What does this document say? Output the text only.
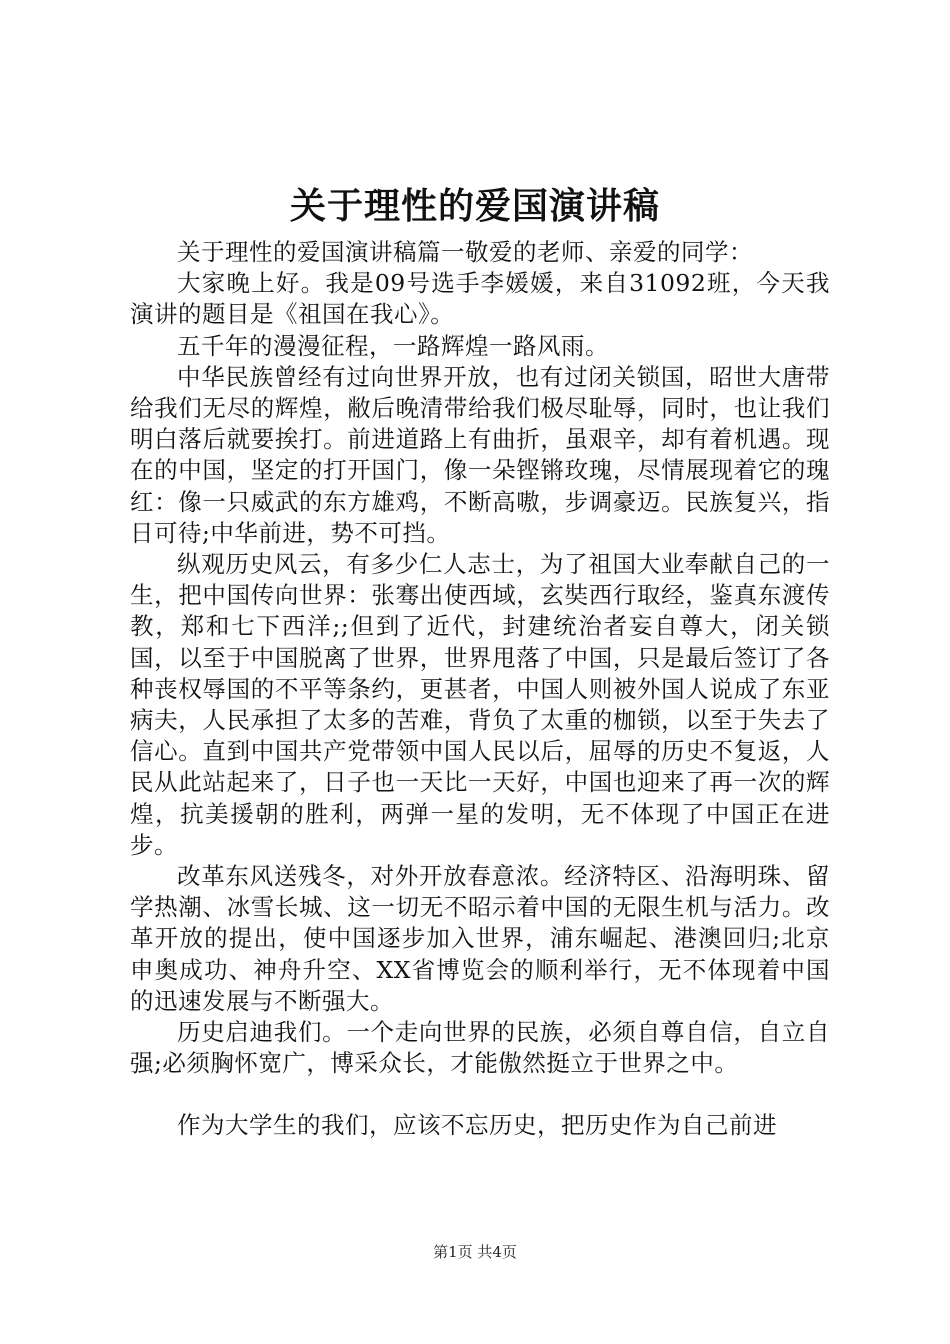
关于理性的爱国演讲稿

关于理性的爱国演讲稿篇一敬爱的老师、亲爱的同学：

大家晚上好。我是09号选手李媛媛，来自31092班，今天我演讲的题目是《祖国在我心》。

五千年的漫漫征程，一路辉煌一路风雨。

中华民族曾经有过向世界开放，也有过闭关锁国，昭世大唐带给我们无尽的辉煌，敝后晚清带给我们极尽耻辱，同时，也让我们明白落后就要挨打。前进道路上有曲折，虽艰辛，却有着机遇。现在的中国，坚定的打开国门，像一朵铿锵玫瑰，尽情展现着它的瑰红：像一只威武的东方雄鸡，不断高嗷，步调豪迈。民族复兴，指日可待;中华前进，势不可挡。

纵观历史风云，有多少仁人志士，为了祖国大业奉献自己的一生，把中国传向世界：张骞出使西域，玄奘西行取经，鉴真东渡传教，郑和七下西洋;;但到了近代，封建统治者妄自尊大，闭关锁国，以至于中国脱离了世界，世界甩落了中国，只是最后签订了各种丧权辱国的不平等条约，更甚者，中国人则被外国人说成了东亚病夫，人民承担了太多的苦难，背负了太重的枷锁，以至于失去了信心。直到中国共产党带领中国人民以后，屈辱的历史不复返，人民从此站起来了，日子也一天比一天好，中国也迎来了再一次的辉煌，抗美援朝的胜利，两弹一星的发明，无不体现了中国正在进步。

改革东风送残冬，对外开放春意浓。经济特区、沿海明珠、留学热潮、冰雪长城、这一切无不昭示着中国的无限生机与活力。改革开放的提出，使中国逐步加入世界，浦东崛起、港澳回归;北京申奥成功、神舟升空、XX省博览会的顺利举行，无不体现着中国的迅速发展与不断强大。

历史启迪我们。一个走向世界的民族，必须自尊自信，自立自强;必须胸怀宽广，博采众长，才能傲然挺立于世界之中。

作为大学生的我们，应该不忘历史，把历史作为自己前进

第1页 共4页
